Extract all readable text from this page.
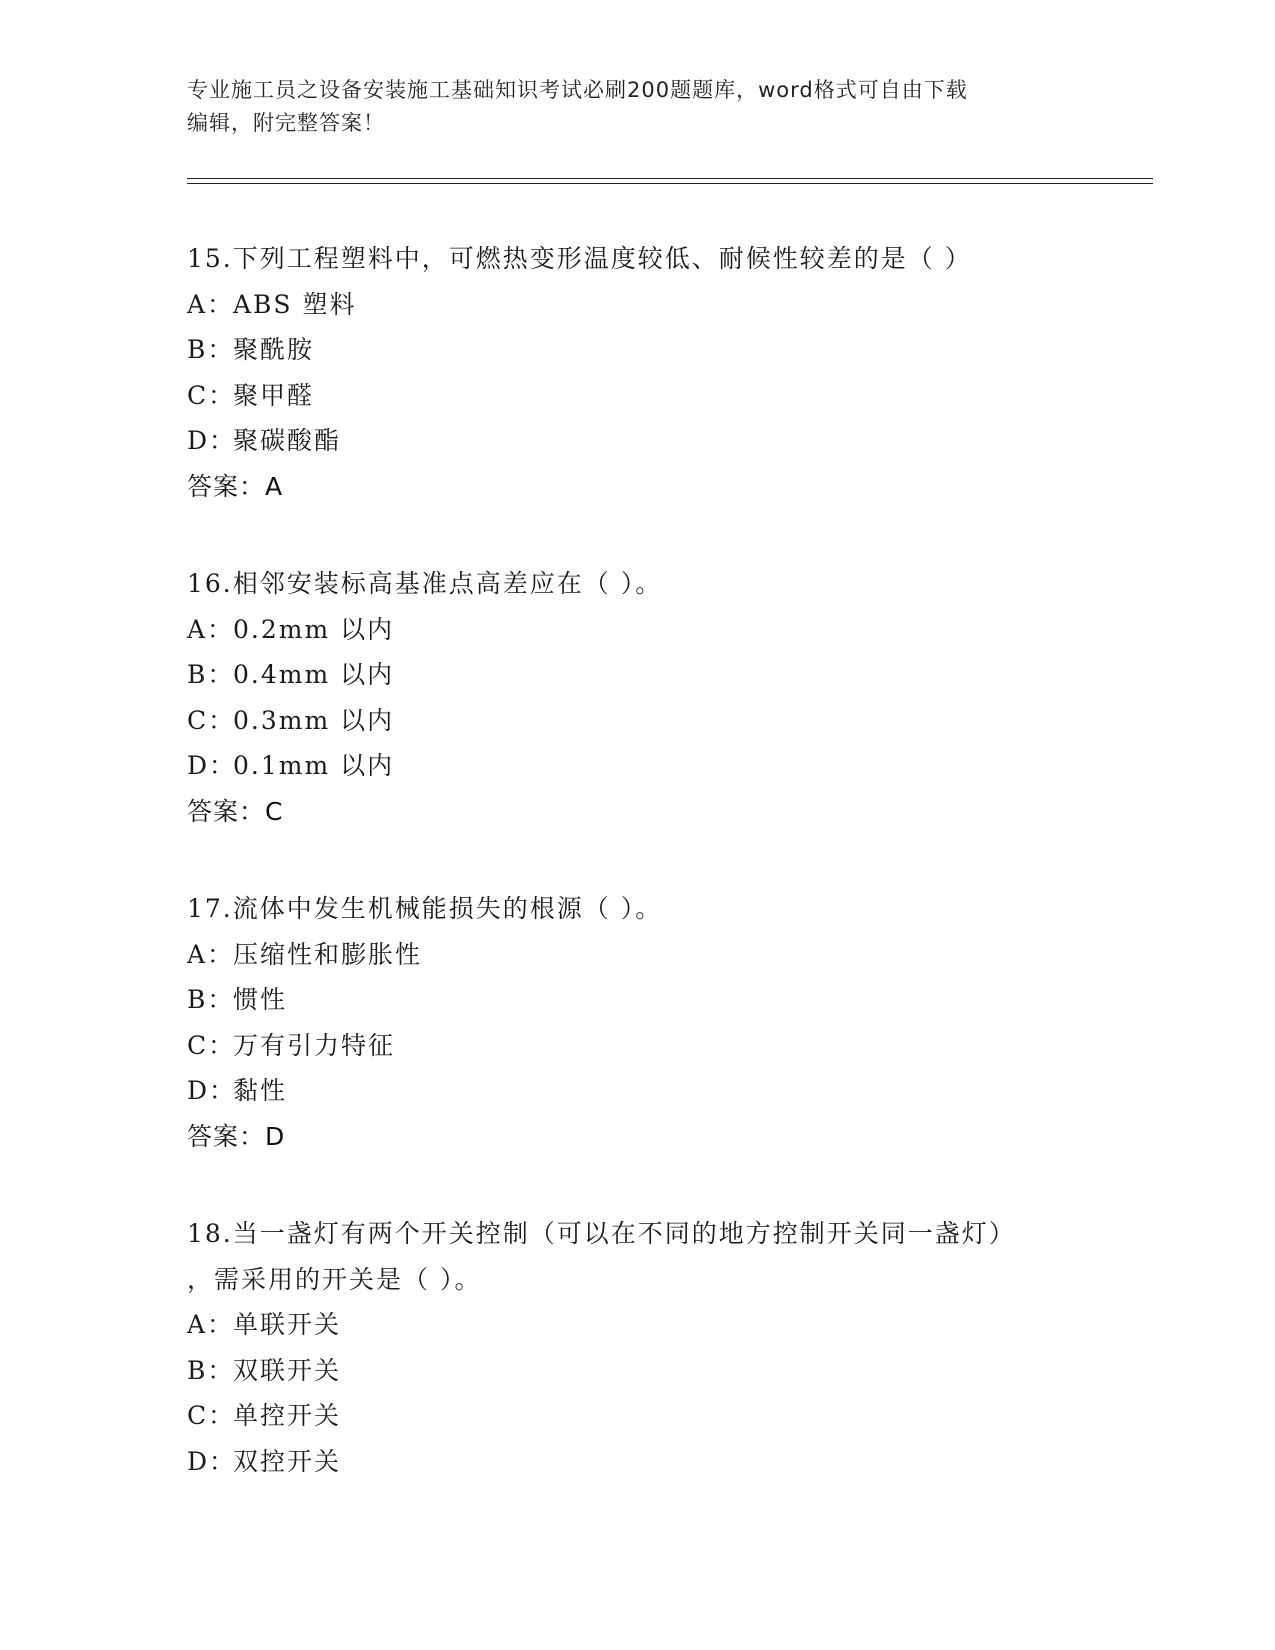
专业施工员之设备安装施工基础知识考试必刷200题题库，word格式可自由下载
编辑，附完整答案！
15.下列工程塑料中，可燃热变形温度较低、耐候性较差的是（ ）
A：ABS 塑料
B：聚酰胺
C：聚甲醛
D：聚碳酸酯
答案：A
16.相邻安装标高基准点高差应在（ ）。
A：0.2mm 以内
B：0.4mm 以内
C：0.3mm 以内
D：0.1mm 以内
答案：C
17.流体中发生机械能损失的根源（ ）。
A：压缩性和膨胀性
B：惯性
C：万有引力特征
D：黏性
答案：D
18.当一盏灯有两个开关控制（可以在不同的地方控制开关同一盏灯）
，需采用的开关是（ ）。
A：单联开关
B：双联开关
C：单控开关
D：双控开关
